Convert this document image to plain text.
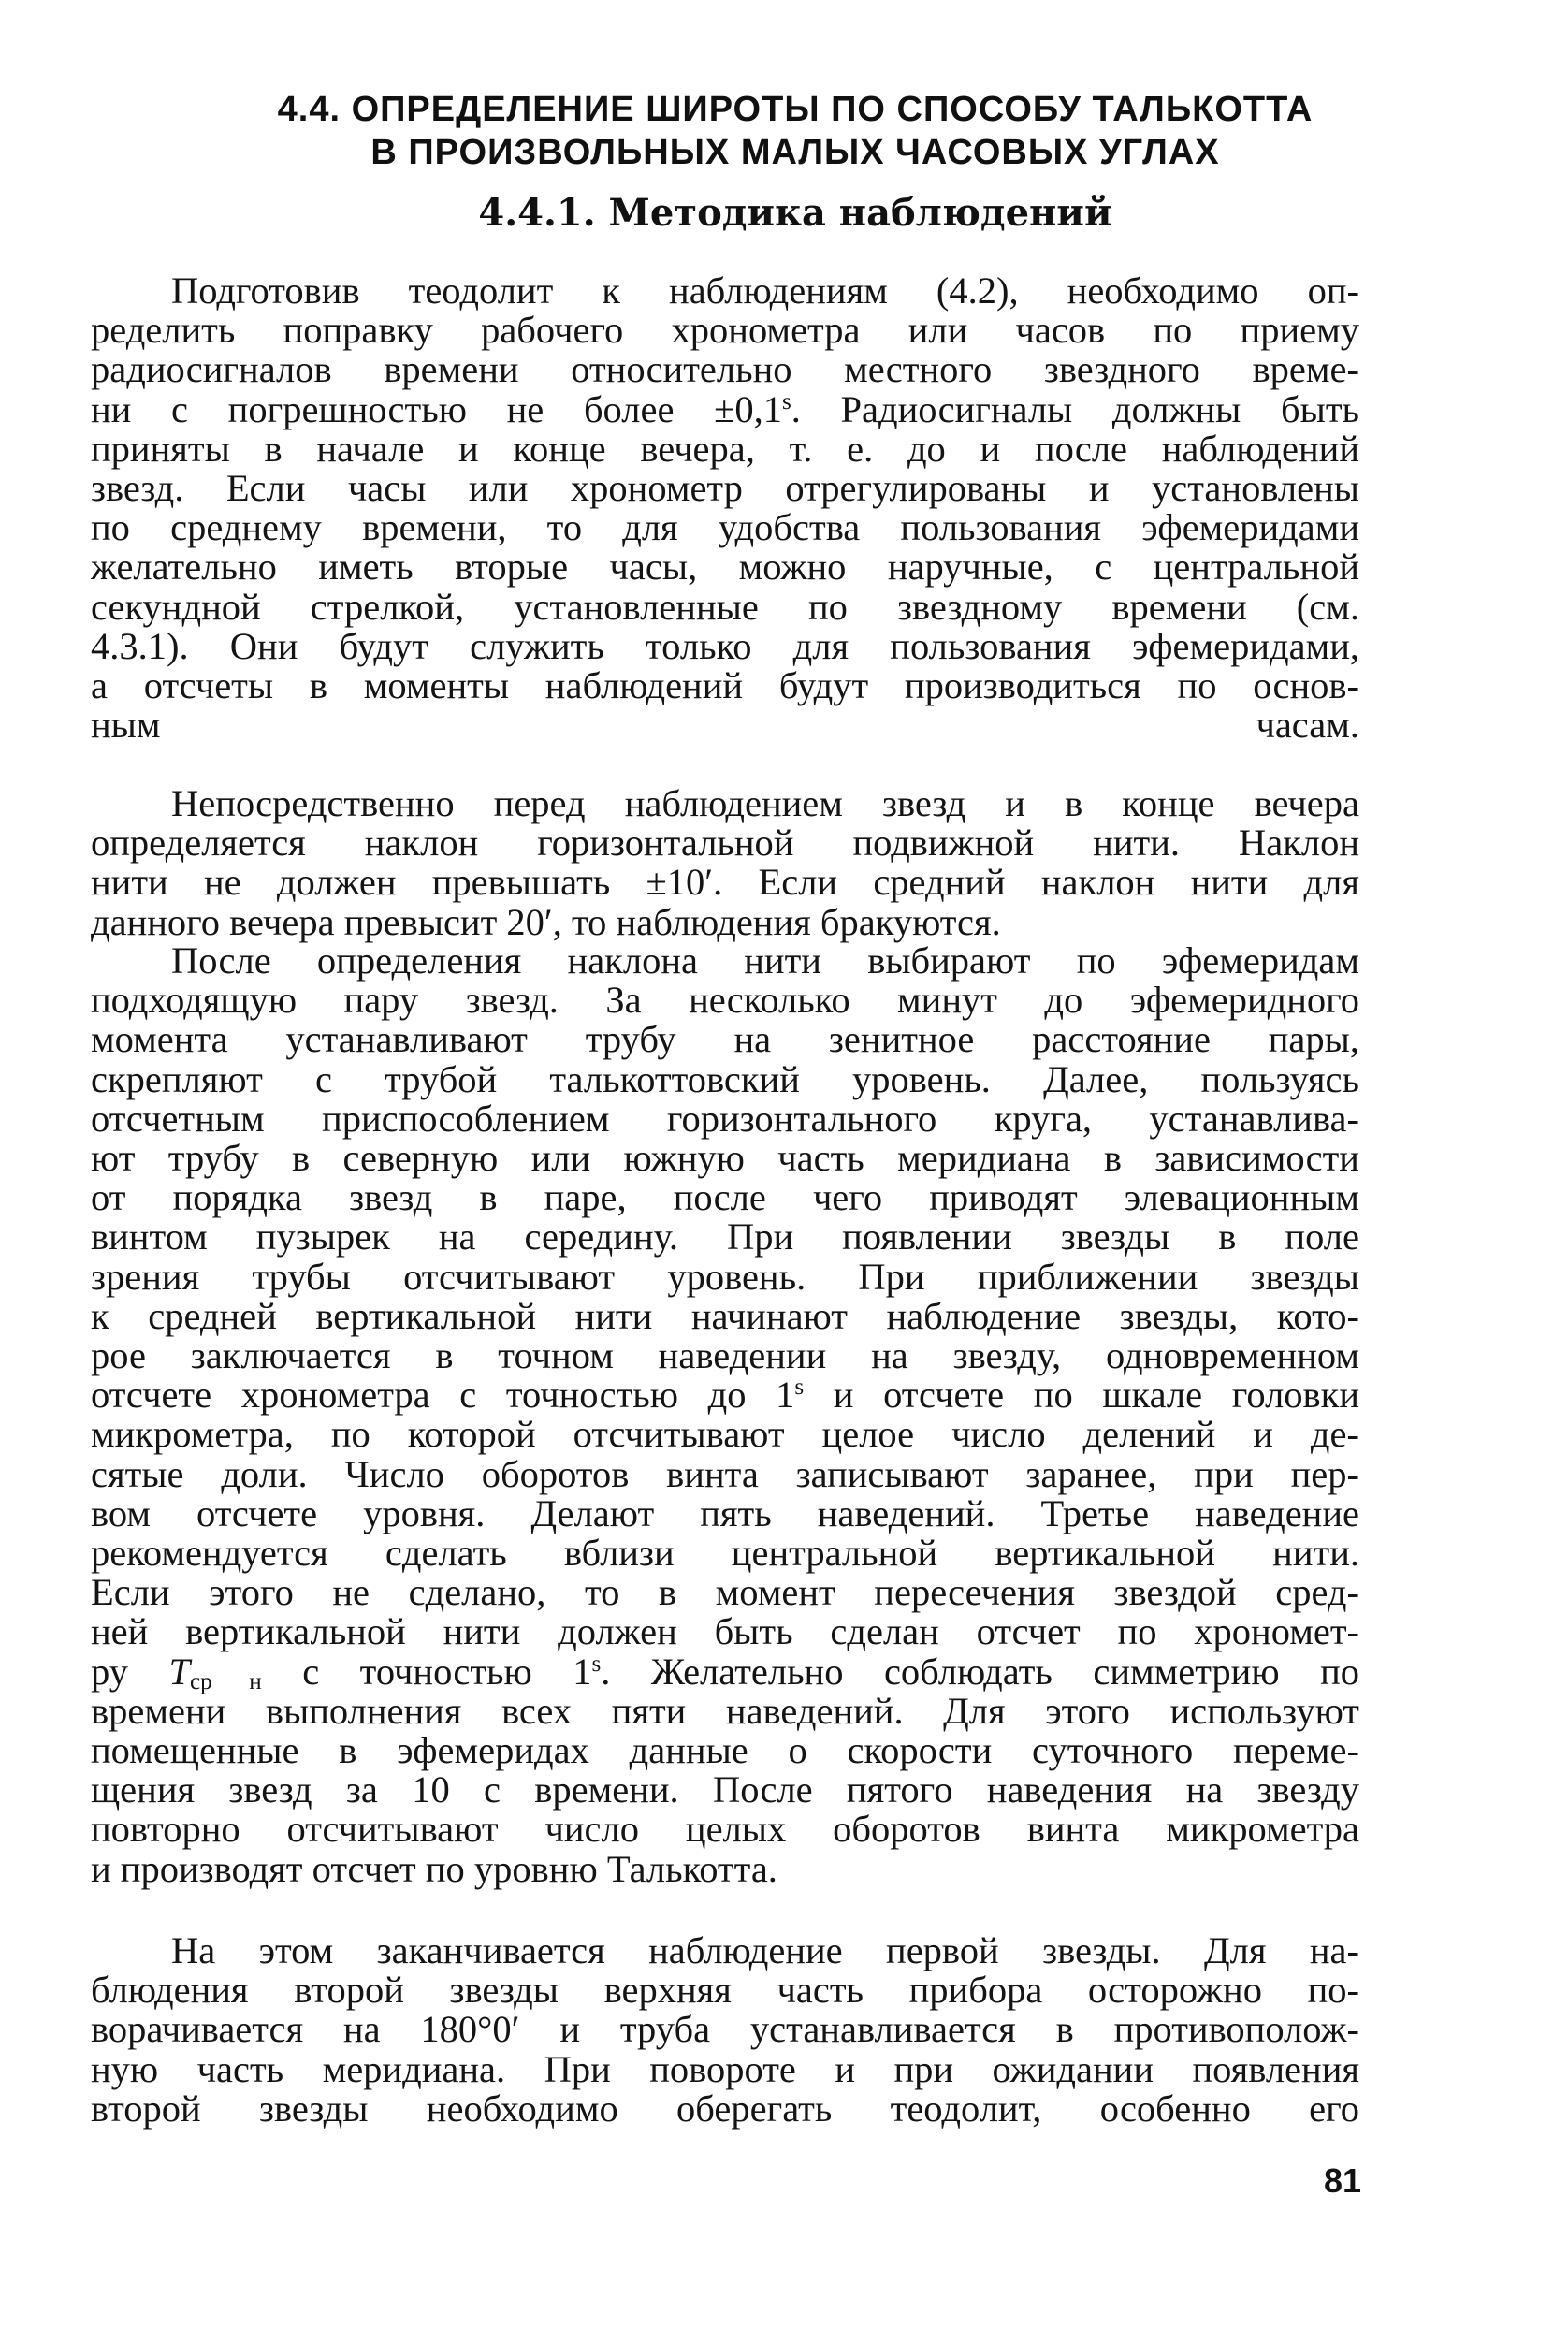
4.4. ОПРЕДЕЛЕНИЕ ШИРОТЫ ПО СПОСОБУ ТАЛЬКОТТА
В ПРОИЗВОЛЬНЫХ МАЛЫХ ЧАСОВЫХ УГЛАХ
4.4.1. Методика наблюдений

Подготовив теодолит к наблюдениям (4.2), необходимо оп-

ределить поправку рабочего хронометра или часов по приему

радиосигналов времени относительно местного звездного време-

ни с погрешностью не более $\pm 0,1^s$. Радиосигналы должны быть

приняты в начале и конце вечера, т. е. до и после наблюдений

звезд. Если часы или хронометр отрегулированы и установлены

по среднему времени, то для удобства пользования эфемеридами

желательно иметь вторые часы, можно наручные, с центральной

секундной стрелкой, установленные по звездному времени (см.

4.3.1). Они будут служить только для пользования эфемеридами,

а отсчеты в моменты наблюдений будут производиться по основ-

ным часам.

Непосредственно перед наблюдением звезд и в конце вечера

определяется наклон горизонтальной подвижной нити. Наклон

нити не должен превышать ±10′. Если средний наклон нити для

данного вечера превысит 20′, то наблюдения бракуются.

После определения наклона нити выбирают по эфемеридам

подходящую пару звезд. За несколько минут до эфемеридного

момента устанавливают трубу на зенитное расстояние пары,

скрепляют с трубой талькоттовский уровень. Далее, пользуясь

отсчетным приспособлением горизонтального круга, устанавлива-

ют трубу в северную или южную часть меридиана в зависимости

от порядка звезд в паре, после чего приводят элевационным

винтом пузырек на середину. При появлении звезды в поле

зрения трубы отсчитывают уровень. При приближении звезды

к средней вертикальной нити начинают наблюдение звезды, кото-

рое заключается в точном наведении на звезду, одновременном

отсчете хронометра с точностью до 1$^s$ и отсчете по шкале головки

микрометра, по которой отсчитывают целое число делений и де-

сятые доли. Число оборотов винта записывают заранее, при пер-

вом отсчете уровня. Делают пять наведений. Третье наведение

рекомендуется сделать вблизи центральной вертикальной нити.

Если этого не сделано, то в момент пересечения звездой сред-

ней вертикальной нити должен быть сделан отсчет по хрономет-

ру $T_{ср н}$ с точностью 1$^s$. Желательно соблюдать симметрию по

времени выполнения всех пяти наведений. Для этого используют

помещенные в эфемеридах данные о скорости суточного переме-

щения звезд за 10 с времени. После пятого наведения на звезду

повторно отсчитывают число целых оборотов винта микрометра

и производят отсчет по уровню Талькотта.

На этом заканчивается наблюдение первой звезды. Для на-

блюдения второй звезды верхняя часть прибора осторожно по-

ворачивается на 180°0′ и труба устанавливается в противополож-

ную часть меридиана. При повороте и при ожидании появления

второй звезды необходимо оберегать теодолит, особенно его

81
